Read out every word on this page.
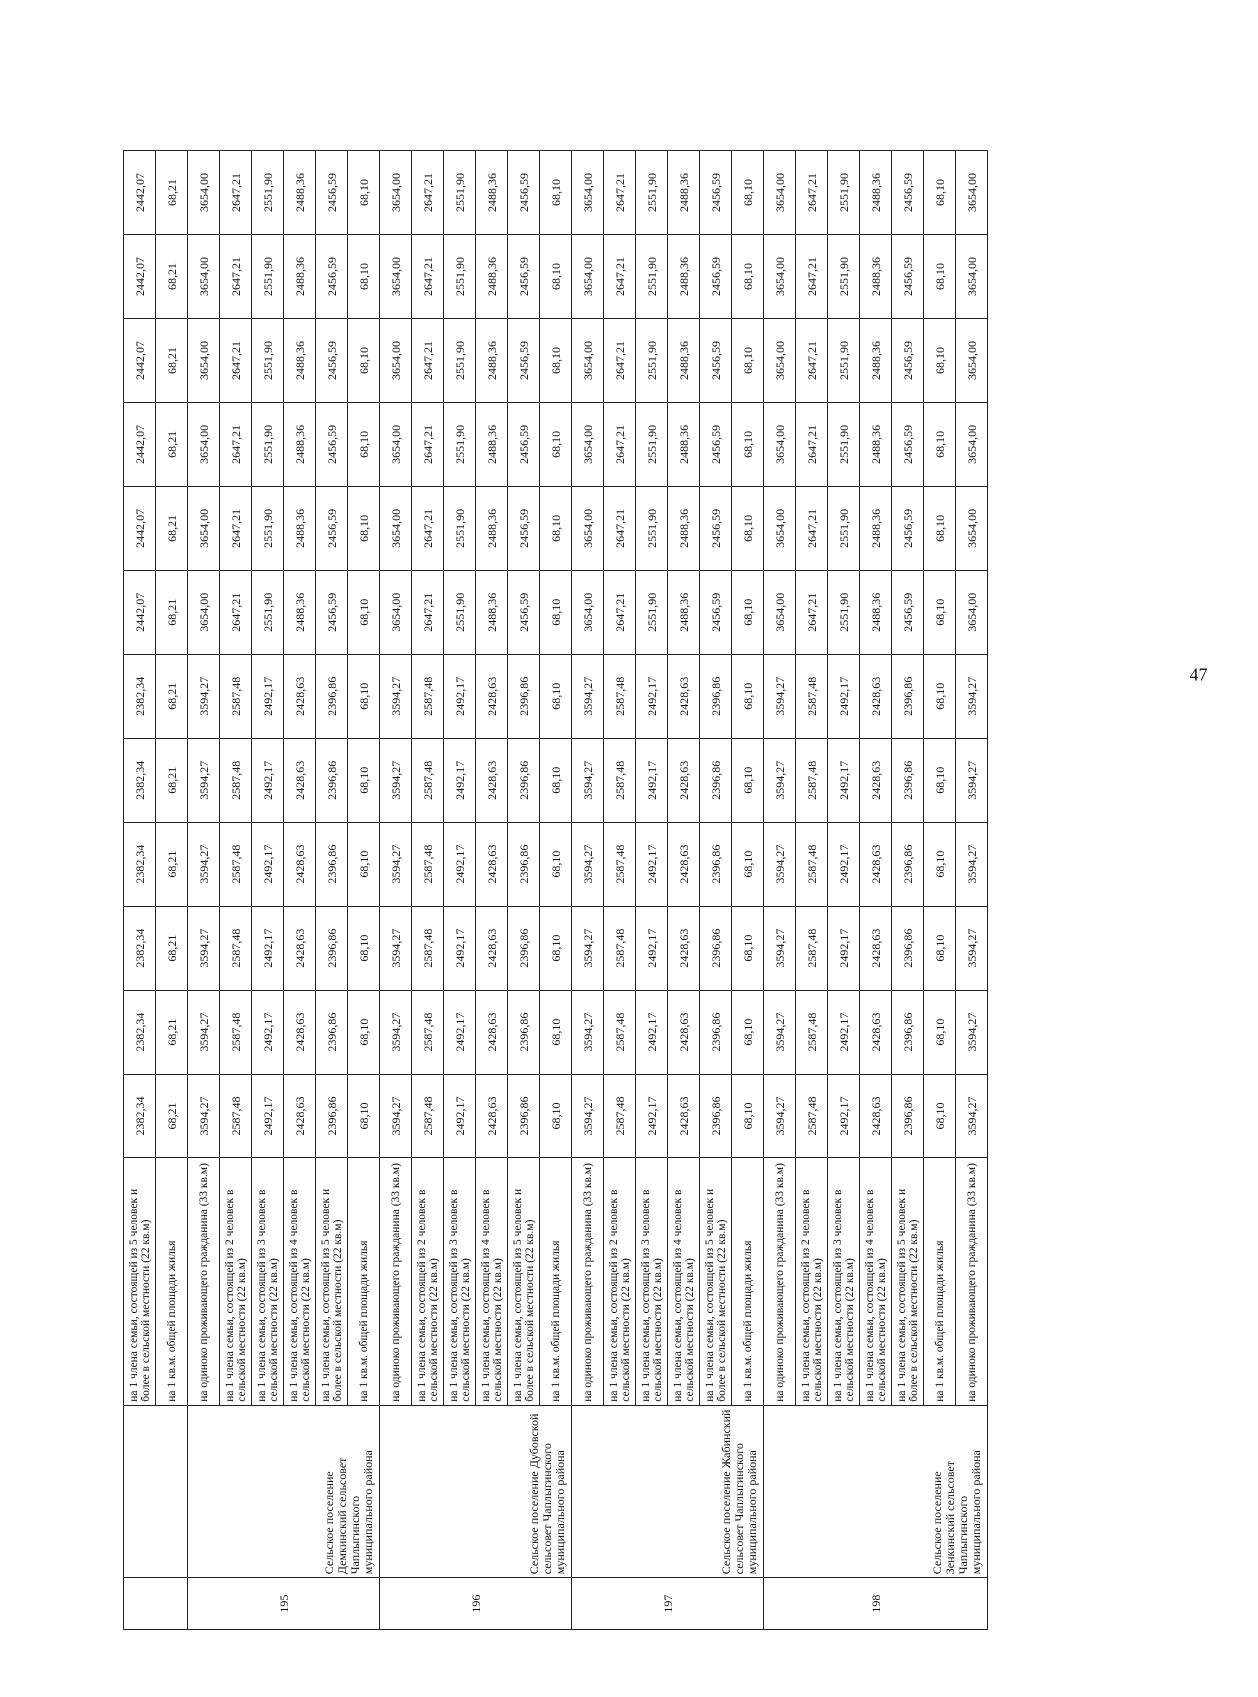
		на 1 члена семьи, состоящей из 5 человек и более в сельской местности (22 кв.м)	2382,34	2382,34	2382,34	2382,34	2382,34	2382,34	2442,07	2442,07	2442,07	2442,07	2442,07	2442,07
		на 1 кв.м. общей площади жилья	68,21	68,21	68,21	68,21	68,21	68,21	68,21	68,21	68,21	68,21	68,21	68,21
195	Сельское поселение Демкинский сельсовет Чаплыгинского муниципального района	на одиноко проживающего гражданина (33 кв.м)	3594,27	3594,27	3594,27	3594,27	3594,27	3594,27	3654,00	3654,00	3654,00	3654,00	3654,00	3654,00
		на 1 члена семьи, состоящей из 2 человек в сельской местности (22 кв.м)	2587,48	2587,48	2587,48	2587,48	2587,48	2587,48	2647,21	2647,21	2647,21	2647,21	2647,21	2647,21
		на 1 члена семьи, состоящей из 3 человек в сельской местности (22 кв.м)	2492,17	2492,17	2492,17	2492,17	2492,17	2492,17	2551,90	2551,90	2551,90	2551,90	2551,90	2551,90
		на 1 члена семьи, состоящей из 4 человек в сельской местности (22 кв.м)	2428,63	2428,63	2428,63	2428,63	2428,63	2428,63	2488,36	2488,36	2488,36	2488,36	2488,36	2488,36
		на 1 члена семьи, состоящей из 5 человек и более в сельской местности (22 кв.м)	2396,86	2396,86	2396,86	2396,86	2396,86	2396,86	2456,59	2456,59	2456,59	2456,59	2456,59	2456,59
		на 1 кв.м. общей площади жилья	68,10	68,10	68,10	68,10	68,10	68,10	68,10	68,10	68,10	68,10	68,10	68,10
196	Сельское поселение Дубовской сельсовет Чаплыгинского муниципального района	на одиноко проживающего гражданина (33 кв.м)	3594,27	3594,27	3594,27	3594,27	3594,27	3594,27	3654,00	3654,00	3654,00	3654,00	3654,00	3654,00
		на 1 члена семьи, состоящей из 2 человек в сельской местности (22 кв.м)	2587,48	2587,48	2587,48	2587,48	2587,48	2587,48	2647,21	2647,21	2647,21	2647,21	2647,21	2647,21
		на 1 члена семьи, состоящей из 3 человек в сельской местности (22 кв.м)	2492,17	2492,17	2492,17	2492,17	2492,17	2492,17	2551,90	2551,90	2551,90	2551,90	2551,90	2551,90
		на 1 члена семьи, состоящей из 4 человек в сельской местности (22 кв.м)	2428,63	2428,63	2428,63	2428,63	2428,63	2428,63	2488,36	2488,36	2488,36	2488,36	2488,36	2488,36
		на 1 члена семьи, состоящей из 5 человек и более в сельской местности (22 кв.м)	2396,86	2396,86	2396,86	2396,86	2396,86	2396,86	2456,59	2456,59	2456,59	2456,59	2456,59	2456,59
		на 1 кв.м. общей площади жилья	68,10	68,10	68,10	68,10	68,10	68,10	68,10	68,10	68,10	68,10	68,10	68,10
197	Сельское поселение Жабинский сельсовет Чаплыгинского муниципального района	на одиноко проживающего гражданина (33 кв.м)	3594,27	3594,27	3594,27	3594,27	3594,27	3594,27	3654,00	3654,00	3654,00	3654,00	3654,00	3654,00
		на 1 члена семьи, состоящей из 2 человек в сельской местности (22 кв.м)	2587,48	2587,48	2587,48	2587,48	2587,48	2587,48	2647,21	2647,21	2647,21	2647,21	2647,21	2647,21
		на 1 члена семьи, состоящей из 3 человек в сельской местности (22 кв.м)	2492,17	2492,17	2492,17	2492,17	2492,17	2492,17	2551,90	2551,90	2551,90	2551,90	2551,90	2551,90
		на 1 члена семьи, состоящей из 4 человек в сельской местности (22 кв.м)	2428,63	2428,63	2428,63	2428,63	2428,63	2428,63	2488,36	2488,36	2488,36	2488,36	2488,36	2488,36
		на 1 члена семьи, состоящей из 5 человек и более в сельской местности (22 кв.м)	2396,86	2396,86	2396,86	2396,86	2396,86	2396,86	2456,59	2456,59	2456,59	2456,59	2456,59	2456,59
		на 1 кв.м. общей площади жилья	68,10	68,10	68,10	68,10	68,10	68,10	68,10	68,10	68,10	68,10	68,10	68,10
198	Сельское поселение Зенкинский сельсовет Чаплыгинского муниципального района	на одиноко проживающего гражданина (33 кв.м)	3594,27	3594,27	3594,27	3594,27	3594,27	3594,27	3654,00	3654,00	3654,00	3654,00	3654,00	3654,00
		на 1 члена семьи, состоящей из 2 человек в сельской местности (22 кв.м)	2587,48	2587,48	2587,48	2587,48	2587,48	2587,48	2647,21	2647,21	2647,21	2647,21	2647,21	2647,21
		на 1 члена семьи, состоящей из 3 человек в сельской местности (22 кв.м)	2492,17	2492,17	2492,17	2492,17	2492,17	2492,17	2551,90	2551,90	2551,90	2551,90	2551,90	2551,90
		на 1 члена семьи, состоящей из 4 человек в сельской местности (22 кв.м)	2428,63	2428,63	2428,63	2428,63	2428,63	2428,63	2488,36	2488,36	2488,36	2488,36	2488,36	2488,36
		на 1 члена семьи, состоящей из 5 человек и более в сельской местности (22 кв.м)	2396,86	2396,86	2396,86	2396,86	2396,86	2396,86	2456,59	2456,59	2456,59	2456,59	2456,59	2456,59
		на 1 кв.м. общей площади жилья	68,10	68,10	68,10	68,10	68,10	68,10	68,10	68,10	68,10	68,10	68,10	68,10
		на одиноко проживающего гражданина (33 кв.м)	3594,27	3594,27	3594,27	3594,27	3594,27	3594,27	3654,00	3654,00	3654,00	3654,00	3654,00	3654,00
47
